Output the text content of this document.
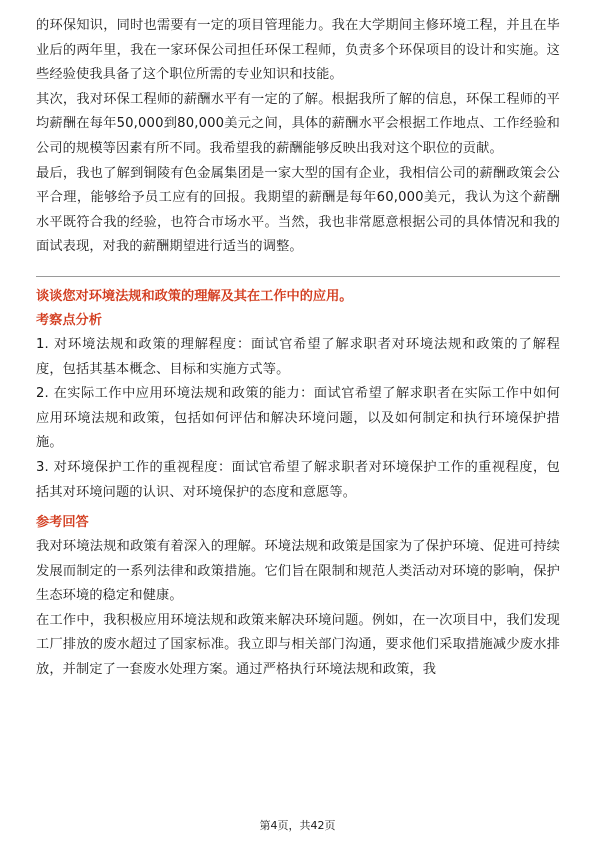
的环保知识，同时也需要有一定的项目管理能力。我在大学期间主修环境工程，并且在毕业后的两年里，我在一家环保公司担任环保工程师，负责多个环保项目的设计和实施。这些经验使我具备了这个职位所需的专业知识和技能。

其次，我对环保工程师的薪酬水平有一定的了解。根据我所了解的信息，环保工程师的平均薪酬在每年50,000到80,000美元之间，具体的薪酬水平会根据工作地点、工作经验和公司的规模等因素有所不同。我希望我的薪酬能够反映出我对这个职位的贡献。

最后，我也了解到铜陵有色金属集团是一家大型的国有企业，我相信公司的薪酬政策会公平合理，能够给予员工应有的回报。我期望的薪酬是每年60,000美元，我认为这个薪酬水平既符合我的经验，也符合市场水平。当然，我也非常愿意根据公司的具体情况和我的面试表现，对我的薪酬期望进行适当的调整。

谈谈您对环境法规和政策的理解及其在工作中的应用。
考察点分析

1. 对环境法规和政策的理解程度：面试官希望了解求职者对环境法规和政策的了解程度，包括其基本概念、目标和实施方式等。

2. 在实际工作中应用环境法规和政策的能力：面试官希望了解求职者在实际工作中如何应用环境法规和政策，包括如何评估和解决环境问题，以及如何制定和执行环境保护措施。

3. 对环境保护工作的重视程度：面试官希望了解求职者对环境保护工作的重视程度，包括其对环境问题的认识、对环境保护的态度和意愿等。

参考回答

我对环境法规和政策有着深入的理解。环境法规和政策是国家为了保护环境、促进可持续发展而制定的一系列法律和政策措施。它们旨在限制和规范人类活动对环境的影响，保护生态环境的稳定和健康。

在工作中，我积极应用环境法规和政策来解决环境问题。例如，在一次项目中，我们发现工厂排放的废水超过了国家标准。我立即与相关部门沟通，要求他们采取措施减少废水排放，并制定了一套废水处理方案。通过严格执行环境法规和政策，我

第4页，共42页
